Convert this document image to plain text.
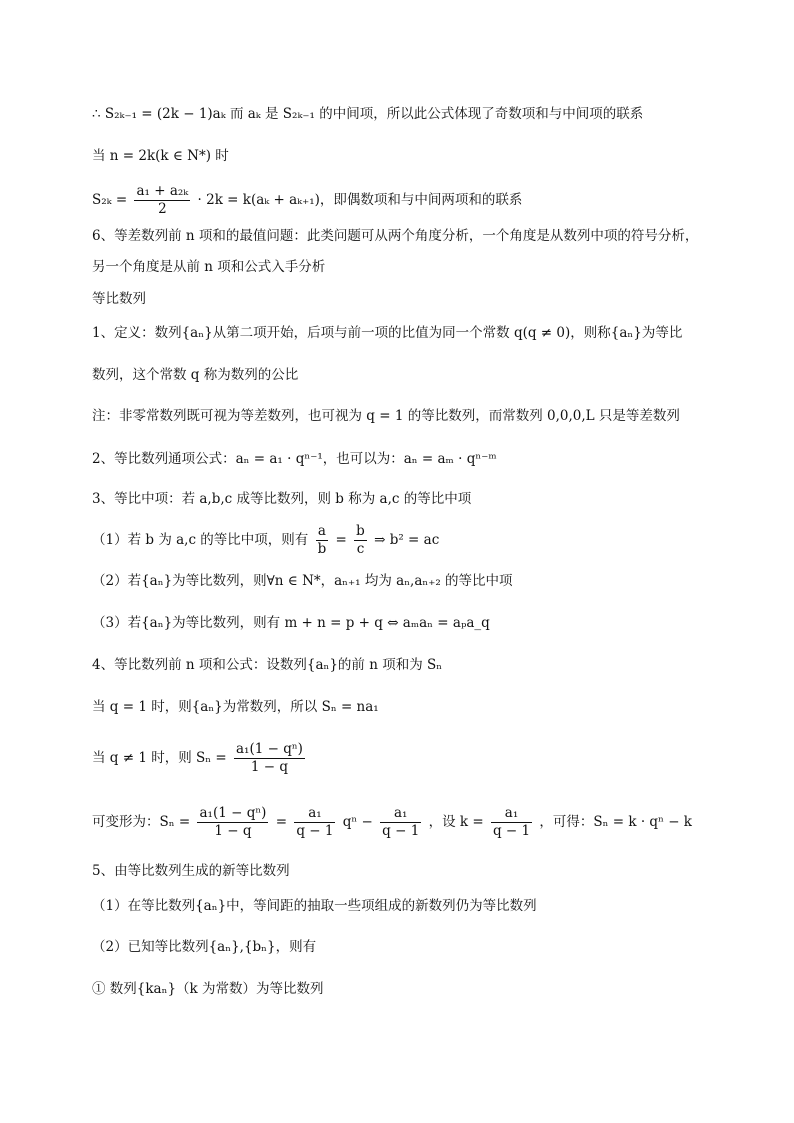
∴ S₂ₖ₋₁ = (2k − 1)aₖ 而 aₖ 是 S₂ₖ₋₁ 的中间项，所以此公式体现了奇数项和与中间项的联系
当 n = 2k(k ∈ N*) 时
$S_{2k} = \frac{\text{a₁ + a₂ₖ}}{2} \cdot 2k = k(a_k + a_{k+1})$，即偶数项和与中间两项和的联系
6、等差数列前 n 项和的最值问题：此类问题可从两个角度分析，一个角度是从数列中项的符号分析，
另一个角度是从前 n 项和公式入手分析
等比数列
1、定义：数列{aₙ}从第二项开始，后项与前一项的比值为同一个常数 q(q ≠ 0)，则称{aₙ}为等比
数列，这个常数 q 称为数列的公比
注：非零常数列既可视为等差数列，也可视为 q = 1 的等比数列，而常数列 0,0,0,L 只是等差数列
2、等比数列通项公式：aₙ = a₁ · qⁿ⁻¹，也可以为：aₙ = aₘ · qⁿ⁻ᵐ
3、等比中项：若 a,b,c 成等比数列，则 b 称为 a,c 的等比中项
（1）若 b 为 a,c 的等比中项，则有 $\frac{a}{b} = \frac{b}{c}$ ⇒ b² = ac
（2）若{aₙ}为等比数列，则∀n ∈ N*，aₙ₊₁ 均为 aₙ,aₙ₊₂ 的等比中项
（3）若{aₙ}为等比数列，则有 m + n = p + q ⇔ aₘaₙ = aₚa_q
4、等比数列前 n 项和公式：设数列{aₙ}的前 n 项和为 Sₙ
当 q = 1 时，则{aₙ}为常数列，所以 Sₙ = na₁
当 q ≠ 1 时，则 $S_n = \frac{\text{a₁(1 − qⁿ)}}{1 - q}$
可变形为：$S_n = \frac{\text{a₁(1 − qⁿ)}}{1 - q} = \frac{\text{a₁}}{q - 1}$ $q^n - \frac{\text{a₁}}{q - 1}$ ，设 $k = \frac{\text{a₁}}{q - 1}$ ，可得：Sₙ = k · qⁿ − k
5、由等比数列生成的新等比数列
（1）在等比数列{aₙ}中，等间距的抽取一些项组成的新数列仍为等比数列
（2）已知等比数列{aₙ},{bₙ}，则有
① 数列{kaₙ}（k 为常数）为等比数列
